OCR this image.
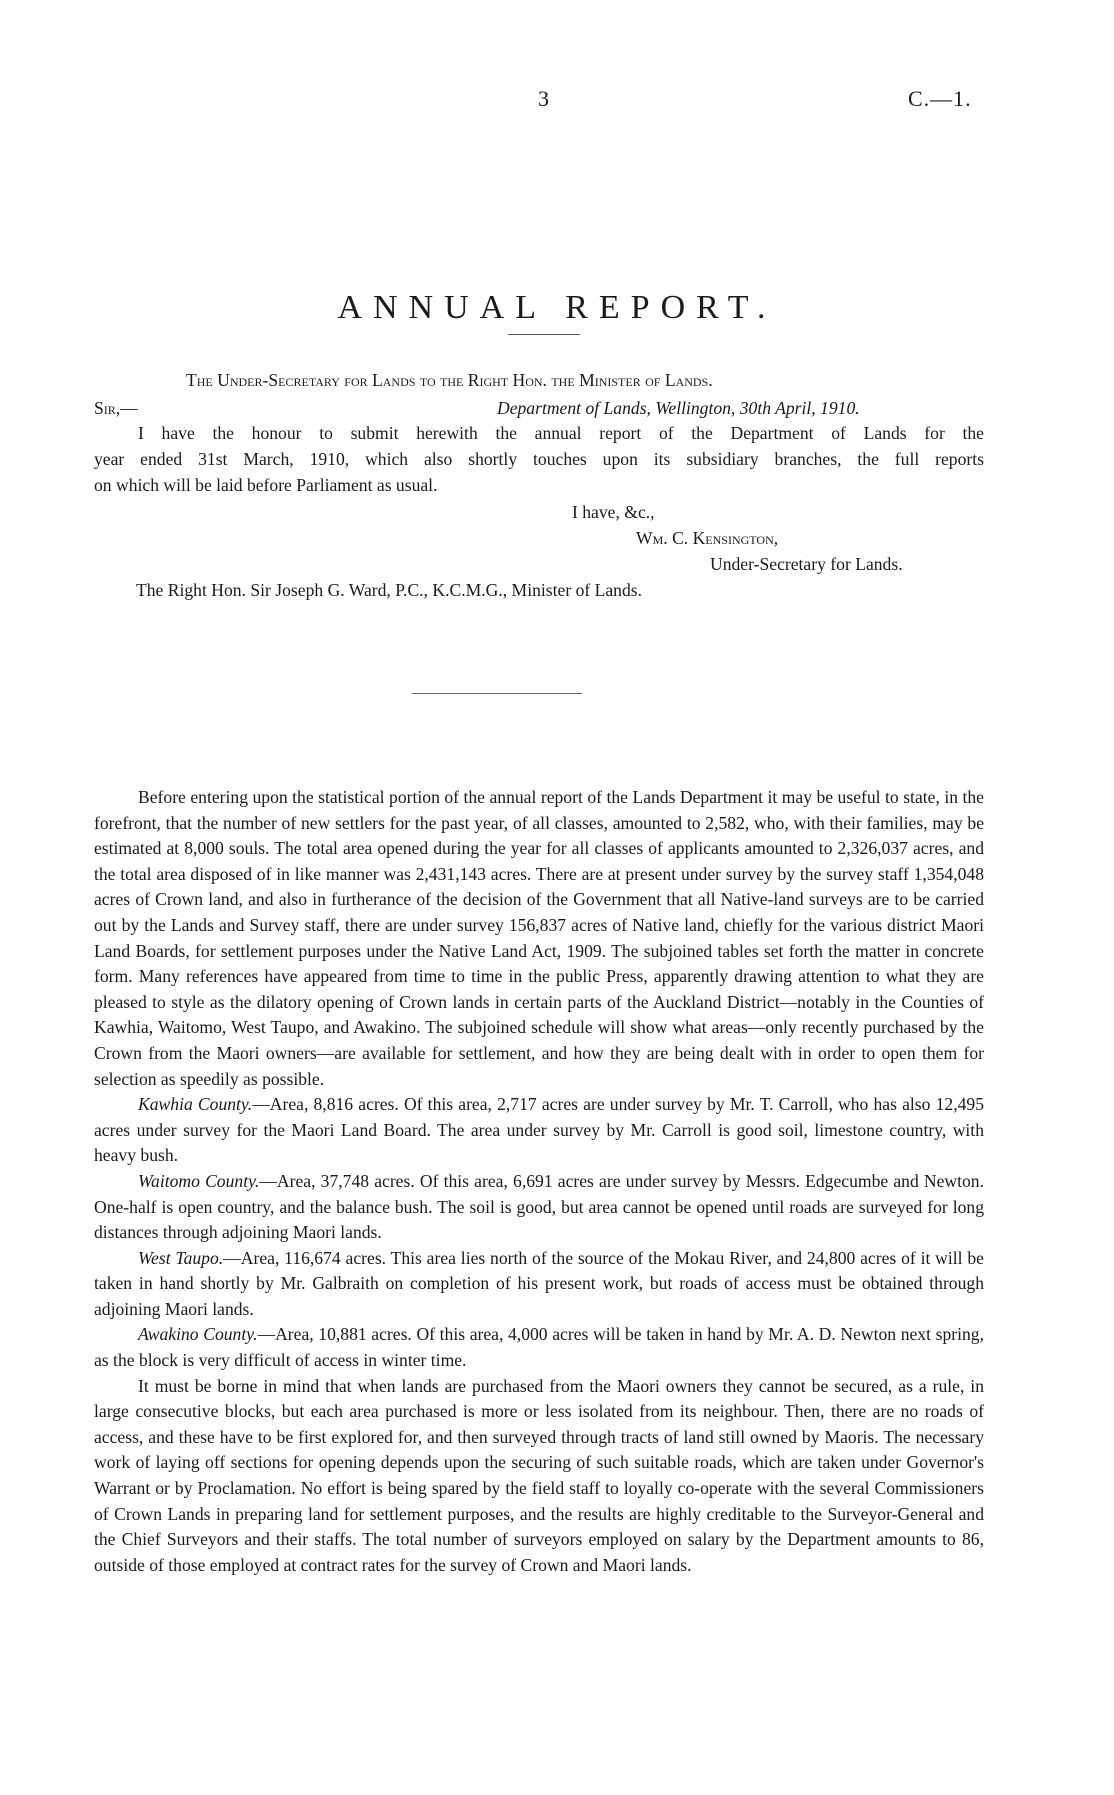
3	C.—1.
ANNUAL REPORT.
The Under-Secretary for Lands to the Right Hon. the Minister of Lands.
Sir,—	Department of Lands, Wellington, 30th April, 1910.
I have the honour to submit herewith the annual report of the Department of Lands for the
year ended 31st March, 1910, which also shortly touches upon its subsidiary branches, the full reports
on which will be laid before Parliament as usual.
I have, &c.,
Wm. C. Kensington,
Under-Secretary for Lands.
The Right Hon. Sir Joseph G. Ward, P.C., K.C.M.G., Minister of Lands.

Before entering upon the statistical portion of the annual report of the Lands Department it may be useful to state, in the forefront, that the number of new settlers for the past year, of all classes, amounted to 2,582, who, with their families, may be estimated at 8,000 souls. The total area opened during the year for all classes of applicants amounted to 2,326,037 acres, and the total area disposed of in like manner was 2,431,143 acres. There are at present under survey by the survey staff 1,354,048 acres of Crown land, and also in furtherance of the decision of the Government that all Native-land surveys are to be carried out by the Lands and Survey staff, there are under survey 156,837 acres of Native land, chiefly for the various district Maori Land Boards, for settlement purposes under the Native Land Act, 1909. The subjoined tables set forth the matter in concrete form. Many references have appeared from time to time in the public Press, apparently drawing attention to what they are pleased to style as the dilatory opening of Crown lands in certain parts of the Auckland District—notably in the Counties of Kawhia, Waitomo, West Taupo, and Awakino. The subjoined schedule will show what areas—only recently purchased by the Crown from the Maori owners—are available for settlement, and how they are being dealt with in order to open them for selection as speedily as possible.

Kawhia County.—Area, 8,816 acres. Of this area, 2,717 acres are under survey by Mr. T. Carroll, who has also 12,495 acres under survey for the Maori Land Board. The area under survey by Mr. Carroll is good soil, limestone country, with heavy bush.

Waitomo County.—Area, 37,748 acres. Of this area, 6,691 acres are under survey by Messrs. Edgecumbe and Newton. One-half is open country, and the balance bush. The soil is good, but area cannot be opened until roads are surveyed for long distances through adjoining Maori lands.

West Taupo.—Area, 116,674 acres. This area lies north of the source of the Mokau River, and 24,800 acres of it will be taken in hand shortly by Mr. Galbraith on completion of his present work, but roads of access must be obtained through adjoining Maori lands.

Awakino County.—Area, 10,881 acres. Of this area, 4,000 acres will be taken in hand by Mr. A. D. Newton next spring, as the block is very difficult of access in winter time.

It must be borne in mind that when lands are purchased from the Maori owners they cannot be secured, as a rule, in large consecutive blocks, but each area purchased is more or less isolated from its neighbour. Then, there are no roads of access, and these have to be first explored for, and then surveyed through tracts of land still owned by Maoris. The necessary work of laying off sections for opening depends upon the securing of such suitable roads, which are taken under Governor's Warrant or by Proclamation. No effort is being spared by the field staff to loyally co-operate with the several Commissioners of Crown Lands in preparing land for settlement purposes, and the results are highly creditable to the Surveyor-General and the Chief Surveyors and their staffs. The total number of surveyors employed on salary by the Department amounts to 86, outside of those employed at contract rates for the survey of Crown and Maori lands.
